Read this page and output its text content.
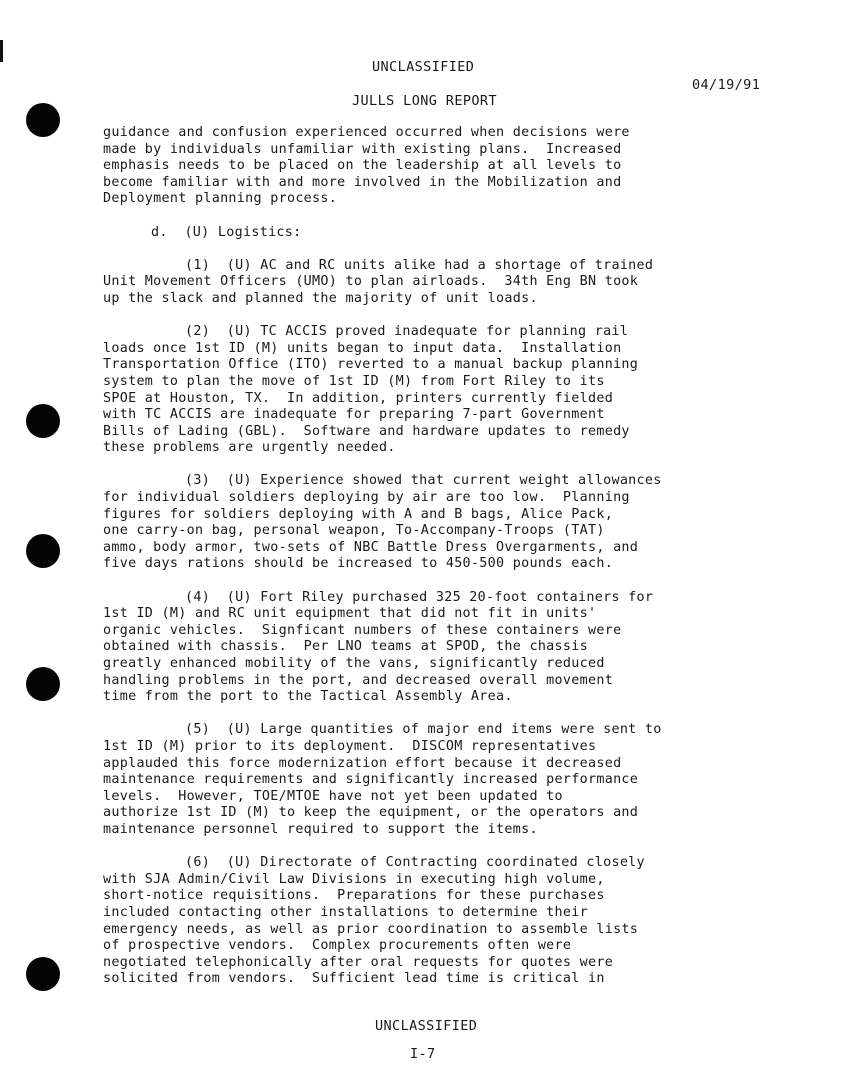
UNCLASSIFIED
04/19/91
JULLS LONG REPORT

guidance and confusion experienced occurred when decisions were
made by individuals unfamiliar with existing plans.  Increased
emphasis needs to be placed on the leadership at all levels to
become familiar with and more involved in the Mobilization and
Deployment planning process.

d.  (U) Logistics:

(1)  (U) AC and RC units alike had a shortage of trained
Unit Movement Officers (UMO) to plan airloads.  34th Eng BN took
up the slack and planned the majority of unit loads.

(2)  (U) TC ACCIS proved inadequate for planning rail
loads once 1st ID (M) units began to input data.  Installation
Transportation Office (ITO) reverted to a manual backup planning
system to plan the move of 1st ID (M) from Fort Riley to its
SPOE at Houston, TX.  In addition, printers currently fielded
with TC ACCIS are inadequate for preparing 7-part Government
Bills of Lading (GBL).  Software and hardware updates to remedy
these problems are urgently needed.

(3)  (U) Experience showed that current weight allowances
for individual soldiers deploying by air are too low.  Planning
figures for soldiers deploying with A and B bags, Alice Pack,
one carry-on bag, personal weapon, To-Accompany-Troops (TAT)
ammo, body armor, two-sets of NBC Battle Dress Overgarments, and
five days rations should be increased to 450-500 pounds each.

(4)  (U) Fort Riley purchased 325 20-foot containers for
1st ID (M) and RC unit equipment that did not fit in units'
organic vehicles.  Signficant numbers of these containers were
obtained with chassis.  Per LNO teams at SPOD, the chassis
greatly enhanced mobility of the vans, significantly reduced
handling problems in the port, and decreased overall movement
time from the port to the Tactical Assembly Area.

(5)  (U) Large quantities of major end items were sent to
1st ID (M) prior to its deployment.  DISCOM representatives
applauded this force modernization effort because it decreased
maintenance requirements and significantly increased performance
levels.  However, TOE/MTOE have not yet been updated to
authorize 1st ID (M) to keep the equipment, or the operators and
maintenance personnel required to support the items.

(6)  (U) Directorate of Contracting coordinated closely
with SJA Admin/Civil Law Divisions in executing high volume,
short-notice requisitions.  Preparations for these purchases
included contacting other installations to determine their
emergency needs, as well as prior coordination to assemble lists
of prospective vendors.  Complex procurements often were
negotiated telephonically after oral requests for quotes were
solicited from vendors.  Sufficient lead time is critical in

UNCLASSIFIED
I-7
